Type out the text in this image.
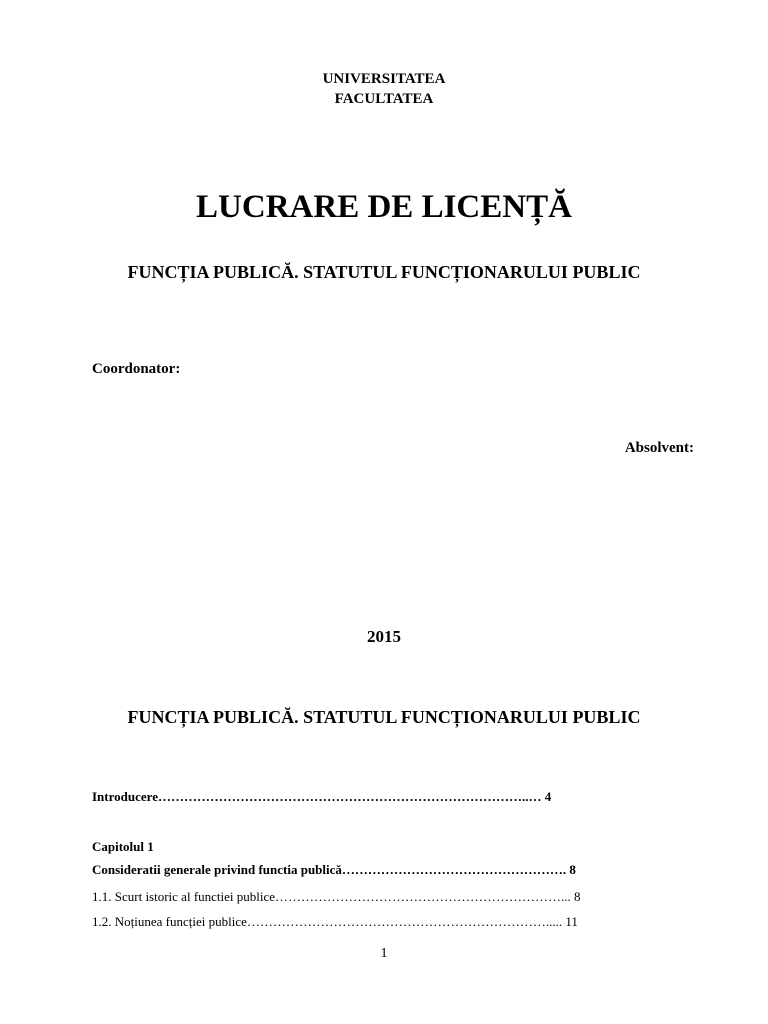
UNIVERSITATEA
FACULTATEA
LUCRARE DE LICENȚĂ
FUNCȚIA PUBLICĂ. STATUTUL FUNCȚIONARULUI PUBLIC
Coordonator:
Absolvent:
2015
FUNCȚIA PUBLICĂ. STATUTUL FUNCȚIONARULUI PUBLIC
Introducere…………………………………………………………………………..… 4
Capitolul 1
Consideratii generale privind functia publică……………………………………………. 8
1.1. Scurt istoric al functiei publice…………………………………………………………... 8
1.2. Noțiunea funcției publice……………………………………………………………..... 11
1
